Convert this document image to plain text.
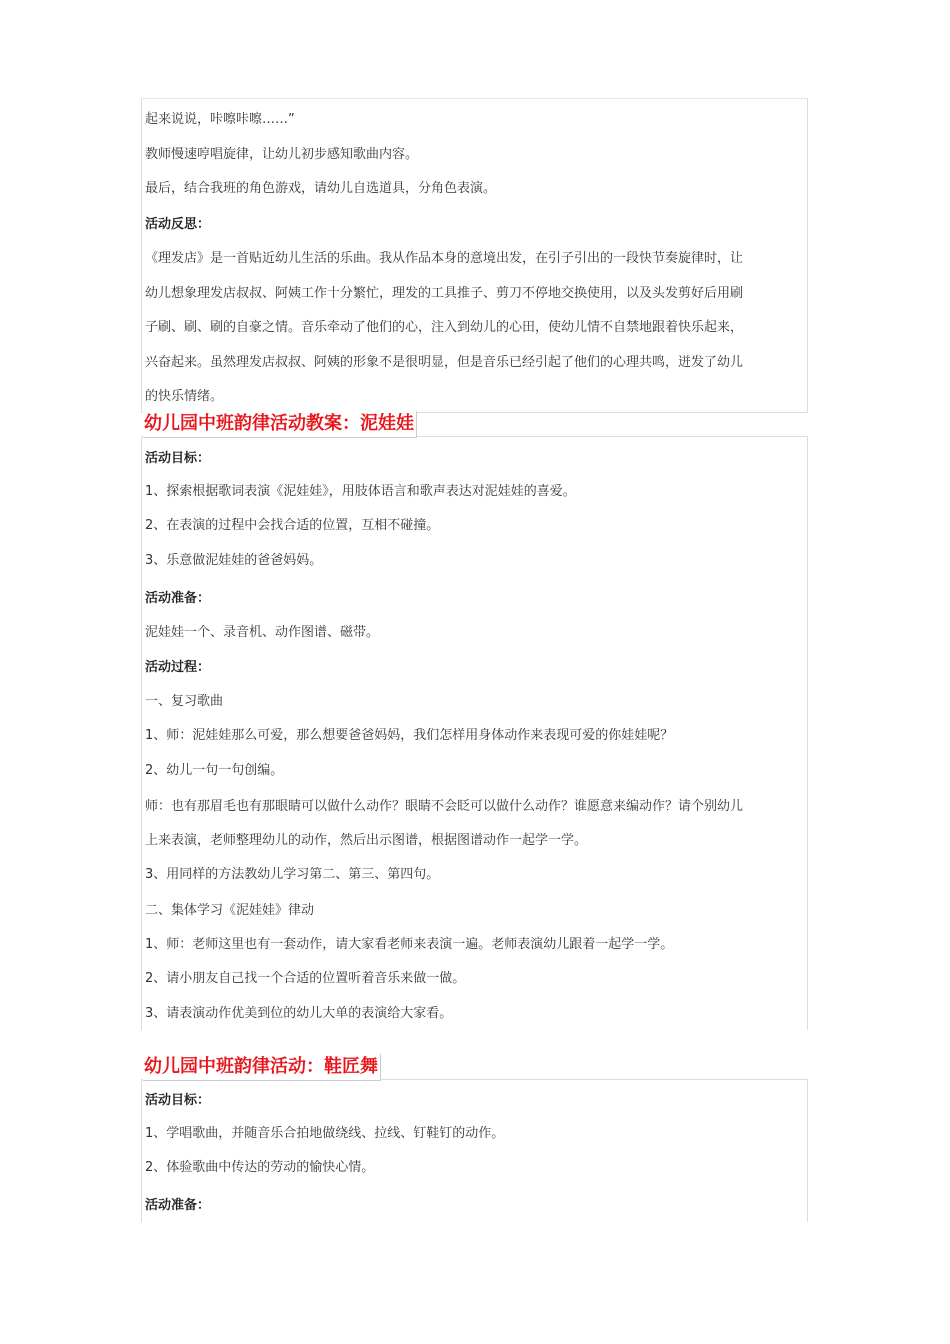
起来说说，咔嚓咔嚓……”
教师慢速哼唱旋律，让幼儿初步感知歌曲内容。
最后，结合我班的角色游戏，请幼儿自选道具，分角色表演。
活动反思：
《理发店》是一首贴近幼儿生活的乐曲。我从作品本身的意境出发，在引子引出的一段快节奏旋律时，让
幼儿想象理发店叔叔、阿姨工作十分繁忙，理发的工具推子、剪刀不停地交换使用，以及头发剪好后用刷
子刷、刷、刷的自豪之情。音乐牵动了他们的心，注入到幼儿的心田，使幼儿情不自禁地跟着快乐起来，
兴奋起来。虽然理发店叔叔、阿姨的形象不是很明显，但是音乐已经引起了他们的心理共鸣，迸发了幼儿
的快乐情绪。
幼儿园中班韵律活动教案：泥娃娃
活动目标：
1、探索根据歌词表演《泥娃娃》，用肢体语言和歌声表达对泥娃娃的喜爱。
2、在表演的过程中会找合适的位置，互相不碰撞。
3、乐意做泥娃娃的爸爸妈妈。
活动准备：
泥娃娃一个、录音机、动作图谱、磁带。
活动过程：
一、复习歌曲
1、师：泥娃娃那么可爱，那么想要爸爸妈妈，我们怎样用身体动作来表现可爱的你娃娃呢？
2、幼儿一句一句创编。
师：也有那眉毛也有那眼睛可以做什么动作？眼睛不会眨可以做什么动作？谁愿意来编动作？请个别幼儿
上来表演，老师整理幼儿的动作，然后出示图谱，根据图谱动作一起学一学。
3、用同样的方法教幼儿学习第二、第三、第四句。
二、集体学习《泥娃娃》律动
1、师：老师这里也有一套动作，请大家看老师来表演一遍。老师表演幼儿跟着一起学一学。
2、请小朋友自己找一个合适的位置听着音乐来做一做。
3、请表演动作优美到位的幼儿大单的表演给大家看。
幼儿园中班韵律活动：鞋匠舞
活动目标：
1、学唱歌曲，并随音乐合拍地做绕线、拉线、钉鞋钉的动作。
2、体验歌曲中传达的劳动的愉快心情。
活动准备：
